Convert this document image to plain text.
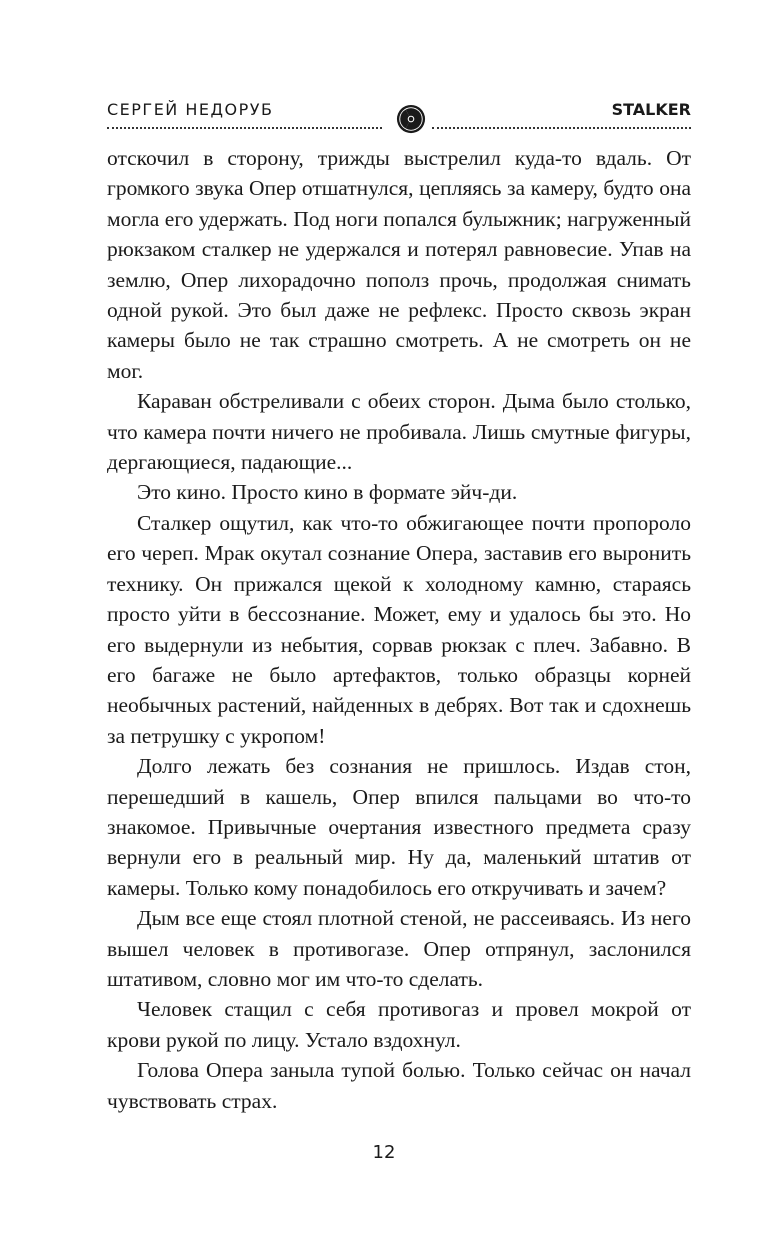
СЕРГЕЙ НЕДОРУБ	STALKER

отскочил в сторону, трижды выстрелил куда-то вдаль. От громкого звука Опер отшатнулся, цепляясь за камеру, будто она могла его удержать. Под ноги попался булыжник; нагруженный рюкзаком сталкер не удержался и потерял равновесие. Упав на землю, Опер лихорадочно пополз прочь, продолжая снимать одной рукой. Это был даже не рефлекс. Просто сквозь экран камеры было не так страшно смотреть. А не смотреть он не мог.

Караван обстреливали с обеих сторон. Дыма было столько, что камера почти ничего не пробивала. Лишь смутные фигуры, дергающиеся, падающие...

Это кино. Просто кино в формате эйч-ди.

Сталкер ощутил, как что-то обжигающее почти пропороло его череп. Мрак окутал сознание Опера, заставив его выронить технику. Он прижался щекой к холодному камню, стараясь просто уйти в бессознание. Может, ему и удалось бы это. Но его выдернули из небытия, сорвав рюкзак с плеч. Забавно. В его багаже не было артефактов, только образцы корней необычных растений, найденных в дебрях. Вот так и сдохнешь за петрушку с укропом!

Долго лежать без сознания не пришлось. Издав стон, перешедший в кашель, Опер впился пальцами во что-то знакомое. Привычные очертания известного предмета сразу вернули его в реальный мир. Ну да, маленький штатив от камеры. Только кому понадобилось его откручивать и зачем?

Дым все еще стоял плотной стеной, не рассеиваясь. Из него вышел человек в противогазе. Опер отпрянул, заслонился штативом, словно мог им что-то сделать.

Человек стащил с себя противогаз и провел мокрой от крови рукой по лицу. Устало вздохнул.

Голова Опера заныла тупой болью. Только сейчас он начал чувствовать страх.

12
